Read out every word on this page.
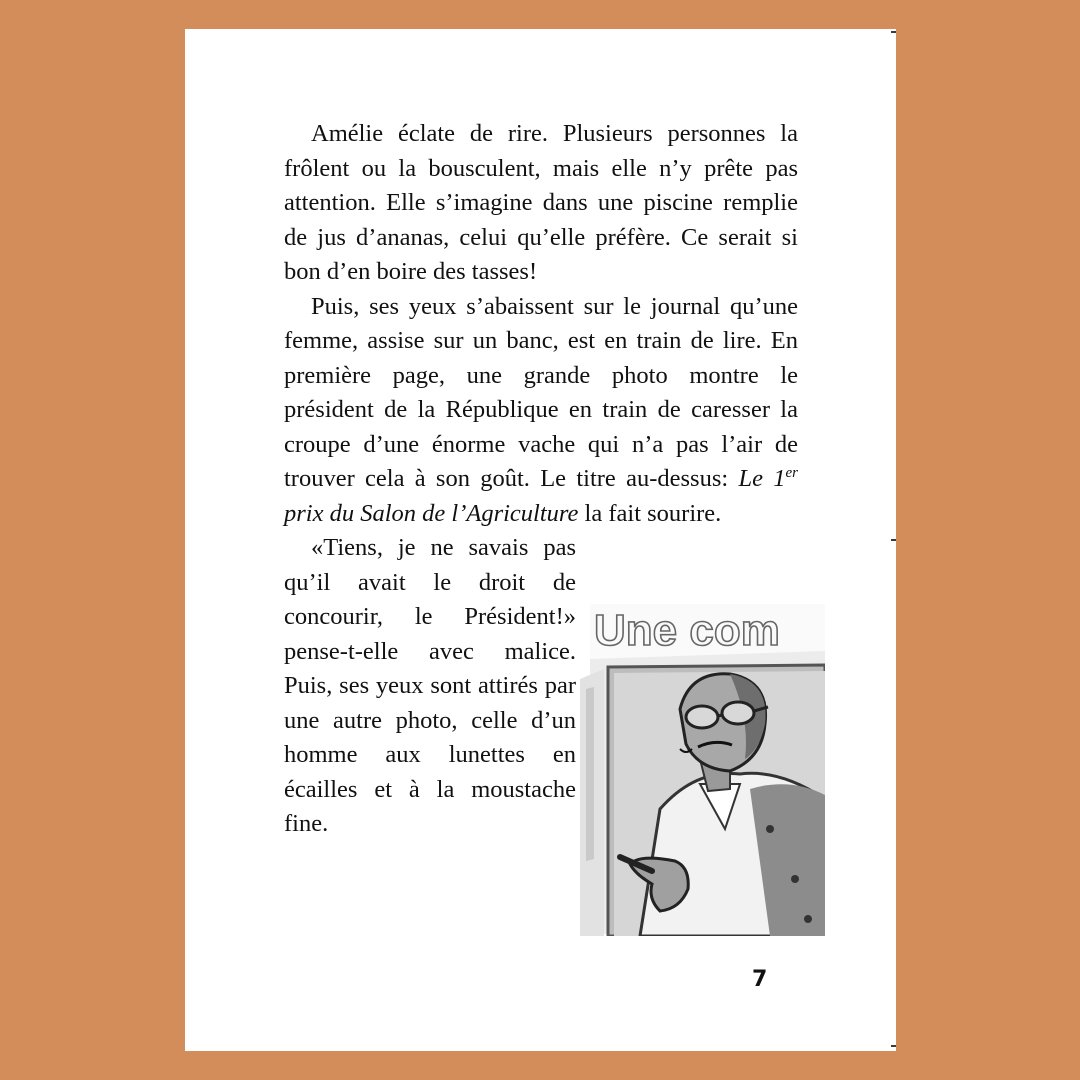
Amélie éclate de rire. Plusieurs personnes la frôlent ou la bousculent, mais elle n’y prête pas attention. Elle s’imagine dans une piscine remplie de jus d’ananas, celui qu’elle préfère. Ce serait si bon d’en boire des tasses!

Puis, ses yeux s’abaissent sur le journal qu’une femme, assise sur un banc, est en train de lire. En première page, une grande photo montre le président de la République en train de caresser la croupe d’une énorme vache qui n’a pas l’air de trouver cela à son goût. Le titre au-dessus: Le 1er prix du Salon de l’Agriculture la fait sourire.

«Tiens, je ne savais pas qu’il avait le droit de concourir, le Président!» pense-t-elle avec malice. Puis, ses yeux sont attirés par une autre photo, celle d’un homme aux lunettes en écailles et à la moustache fine.

Une com
7
